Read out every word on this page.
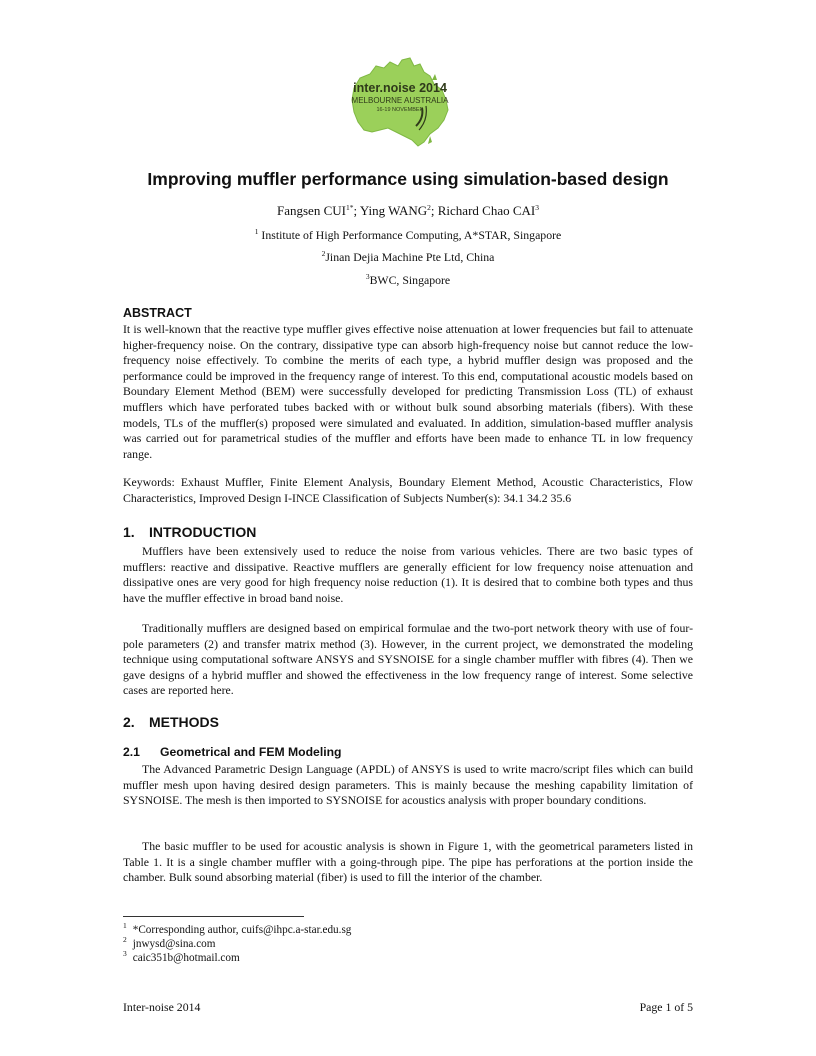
inter.noise 2014
MELBOURNE AUSTRALIA
16-19 NOVEMBER
Improving muffler performance using simulation-based design
Fangsen $CUI^{1*}$; Ying WANG$^2$; Richard Chao CAI$^3$
$^1$ Institute of High Performance Computing, A*STAR, Singapore
$^2$Jinan Dejia Machine Pte Ltd, China
$^3$BWC, Singapore
ABSTRACT

It is well-known that the reactive type muffler gives effective noise attenuation at lower frequencies but fail to attenuate higher-frequency noise. On the contrary, dissipative type can absorb high-frequency noise but cannot reduce the low-frequency noise effectively. To combine the merits of each type, a hybrid muffler design was proposed and the performance could be improved in the frequency range of interest. To this end, computational acoustic models based on Boundary Element Method (BEM) were successfully developed for predicting Transmission Loss (TL) of exhaust mufflers which have perforated tubes backed with or without bulk sound absorbing materials (fibers). With these models, TLs of the muffler(s) proposed were simulated and evaluated. In addition, simulation-based muffler analysis was carried out for parametrical studies of the muffler and efforts have been made to enhance TL in low frequency range.

Keywords: Exhaust Muffler, Finite Element Analysis, Boundary Element Method, Acoustic Characteristics, Flow Characteristics, Improved Design I-INCE Classification of Subjects Number(s): 34.1 34.2 35.6

1. INTRODUCTION

Mufflers have been extensively used to reduce the noise from various vehicles. There are two basic types of mufflers: reactive and dissipative. Reactive mufflers are generally efficient for low frequency noise attenuation and dissipative ones are very good for high frequency noise reduction (1). It is desired that to combine both types and thus have the muffler effective in broad band noise.

Traditionally mufflers are designed based on empirical formulae and the two-port network theory with use of four-pole parameters (2) and transfer matrix method (3). However, in the current project, we demonstrated the modeling technique using computational software ANSYS and SYSNOISE for a single chamber muffler with fibres (4). Then we gave designs of a hybrid muffler and showed the effectiveness in the low frequency range of interest. Some selective cases are reported here.

2. METHODS
2.1 Geometrical and FEM Modeling

The Advanced Parametric Design Language (APDL) of ANSYS is used to write macro/script files which can build muffler mesh upon having desired design parameters. This is mainly because the meshing capability limitation of SYSNOISE. The mesh is then imported to SYSNOISE for acoustics analysis with proper boundary conditions.

The basic muffler to be used for acoustic analysis is shown in Figure 1, with the geometrical parameters listed in Table 1. It is a single chamber muffler with a going-through pipe. The pipe has perforations at the portion inside the chamber. Bulk sound absorbing material (fiber) is used to fill the interior of the chamber.

$^1$ *Corresponding author, cuifs@ihpc.a-star.edu.sg
$^2$ jnwysd@sina.com
$^3$ caic351b@hotmail.com
Inter-noise 2014	Page 1 of 5
